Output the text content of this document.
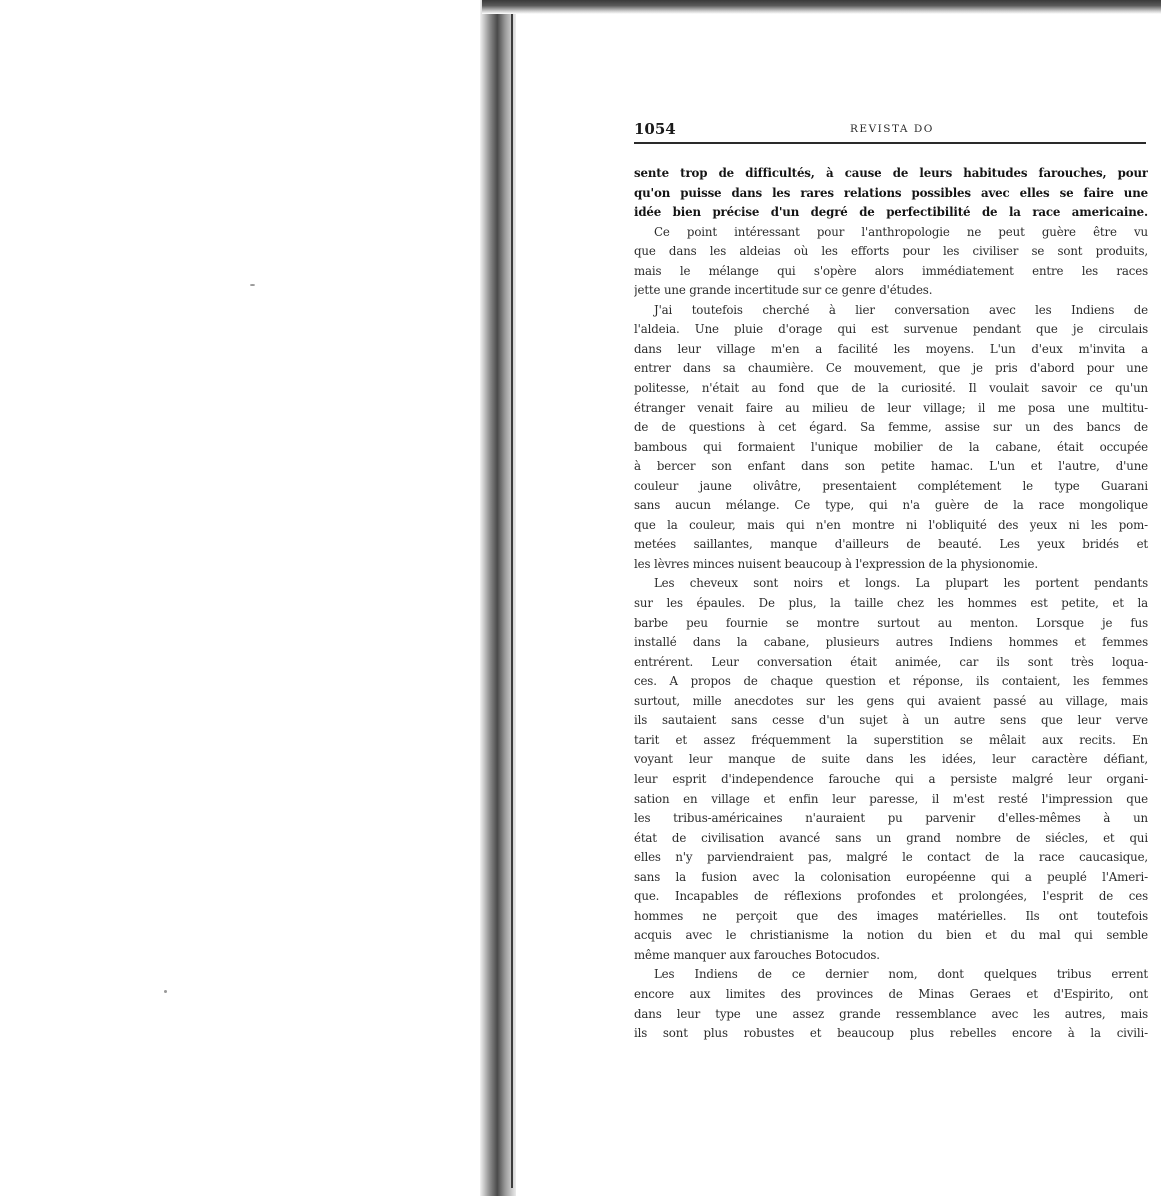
1054	REVISTA DO
sente trop de difficultés, à cause de leurs habitudes farouches, pour
qu'on puisse dans les rares relations possibles avec elles se faire une
idée bien précise d'un degré de perfectibilité de la race americaine.
Ce point intéressant pour l'anthropologie ne peut guère être vu
que dans les aldeias où les efforts pour les civiliser se sont produits,
mais le mélange qui s'opère alors immédiatement entre les races
jette une grande incertitude sur ce genre d'études.
J'ai toutefois cherché à lier conversation avec les Indiens de
l'aldeia. Une pluie d'orage qui est survenue pendant que je circulais
dans leur village m'en a facilité les moyens. L'un d'eux m'invita a
entrer dans sa chaumière. Ce mouvement, que je pris d'abord pour une
politesse, n'était au fond que de la curiosité. Il voulait savoir ce qu'un
étranger venait faire au milieu de leur village; il me posa une multitu-
de de questions à cet égard. Sa femme, assise sur un des bancs de
bambous qui formaient l'unique mobilier de la cabane, était occupée
à bercer son enfant dans son petite hamac. L'un et l'autre, d'une
couleur jaune olivâtre, presentaient complétement le type Guarani
sans aucun mélange. Ce type, qui n'a guère de la race mongolique
que la couleur, mais qui n'en montre ni l'obliquité des yeux ni les pom-
metées saillantes, manque d'ailleurs de beauté. Les yeux bridés et
les lèvres minces nuisent beaucoup à l'expression de la physionomie.
Les cheveux sont noirs et longs. La plupart les portent pendants
sur les épaules. De plus, la taille chez les hommes est petite, et la
barbe peu fournie se montre surtout au menton. Lorsque je fus
installé dans la cabane, plusieurs autres Indiens hommes et femmes
entrérent. Leur conversation était animée, car ils sont très loqua-
ces. A propos de chaque question et réponse, ils contaient, les femmes
surtout, mille anecdotes sur les gens qui avaient passé au village, mais
ils sautaient sans cesse d'un sujet à un autre sens que leur verve
tarit et assez fréquemment la superstition se mêlait aux recits. En
voyant leur manque de suite dans les idées, leur caractère défiant,
leur esprit d'independence farouche qui a persiste malgré leur organi-
sation en village et enfin leur paresse, il m'est resté l'impression que
les tribus-américaines n'auraient pu parvenir d'elles-mêmes à un
état de civilisation avancé sans un grand nombre de siécles, et qui
elles n'y parviendraient pas, malgré le contact de la race caucasique,
sans la fusion avec la colonisation européenne qui a peuplé l'Ameri-
que. Incapables de réflexions profondes et prolongées, l'esprit de ces
hommes ne perçoit que des images matérielles. Ils ont toutefois
acquis avec le christianisme la notion du bien et du mal qui semble
même manquer aux farouches Botocudos.
Les Indiens de ce dernier nom, dont quelques tribus errent
encore aux limites des provinces de Minas Geraes et d'Espirito, ont
dans leur type une assez grande ressemblance avec les autres, mais
ils sont plus robustes et beaucoup plus rebelles encore à la civili-
